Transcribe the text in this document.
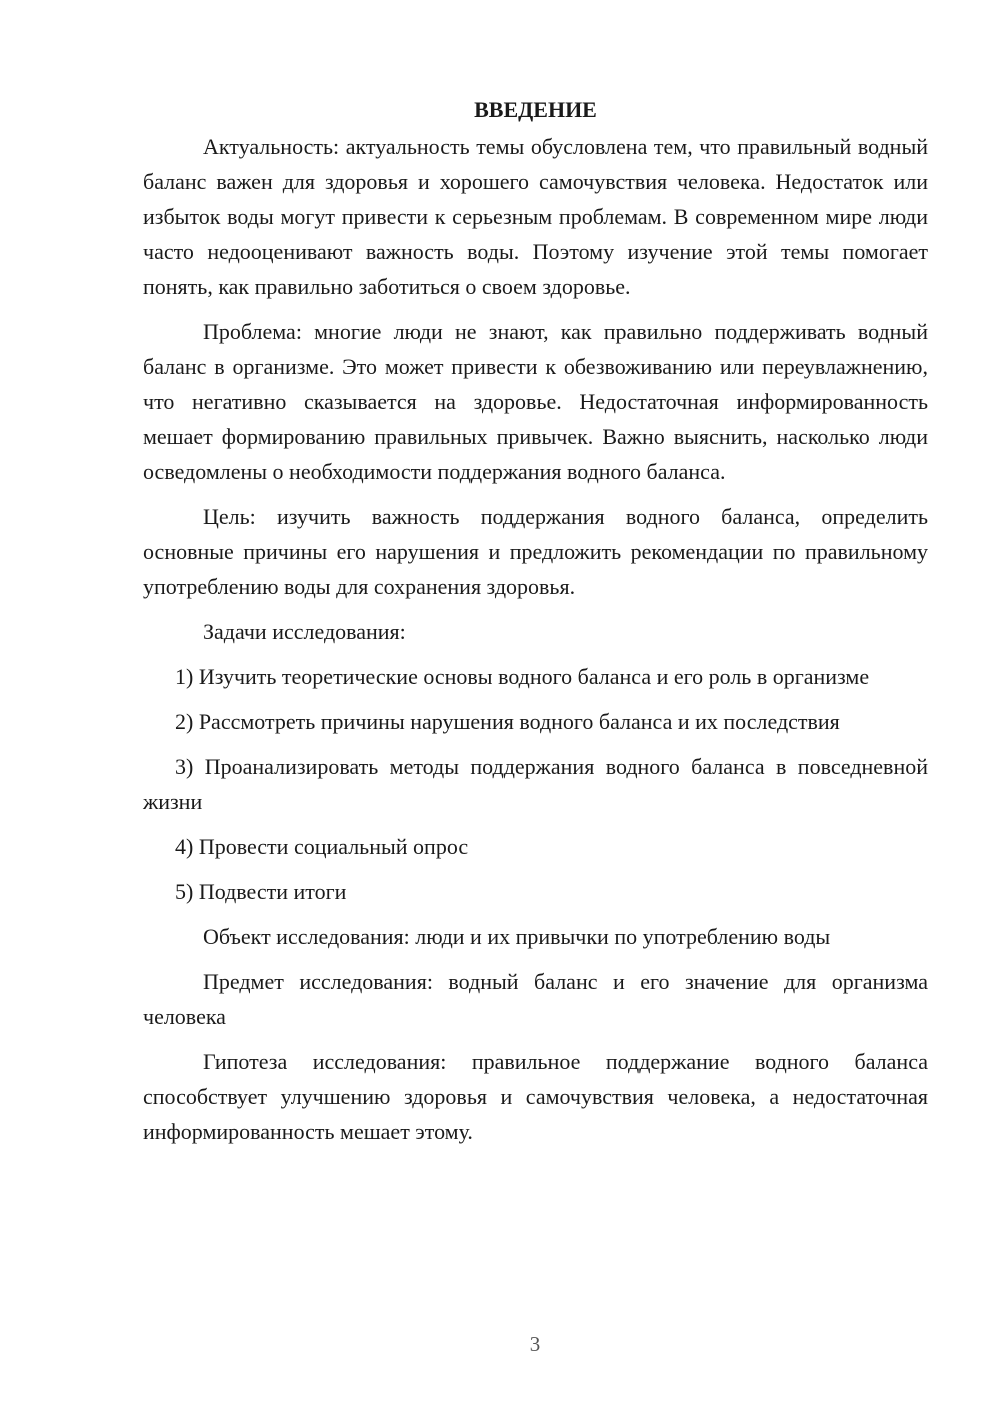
ВВЕДЕНИЕ

Актуальность: актуальность темы обусловлена тем, что правильный водный баланс важен для здоровья и хорошего самочувствия человека. Недостаток или избыток воды могут привести к серьезным проблемам. В современном мире люди часто недооценивают важность воды. Поэтому изучение этой темы помогает понять, как правильно заботиться о своем здоровье.

Проблема: многие люди не знают, как правильно поддерживать водный баланс в организме. Это может привести к обезвоживанию или переувлажнению, что негативно сказывается на здоровье. Недостаточная информированность мешает формированию правильных привычек. Важно выяснить, насколько люди осведомлены о необходимости поддержания водного баланса.

Цель: изучить важность поддержания водного баланса, определить основные причины его нарушения и предложить рекомендации по правильному употреблению воды для сохранения здоровья.

Задачи исследования:

1) Изучить теоретические основы водного баланса и его роль в организме

2) Рассмотреть причины нарушения водного баланса и их последствия

3) Проанализировать методы поддержания водного баланса в повседневной жизни

4) Провести социальный опрос

5) Подвести итоги

Объект исследования: люди и их привычки по употреблению воды

Предмет исследования: водный баланс и его значение для организма человека

Гипотеза исследования: правильное поддержание водного баланса способствует улучшению здоровья и самочувствия человека, а недостаточная информированность мешает этому.

3
